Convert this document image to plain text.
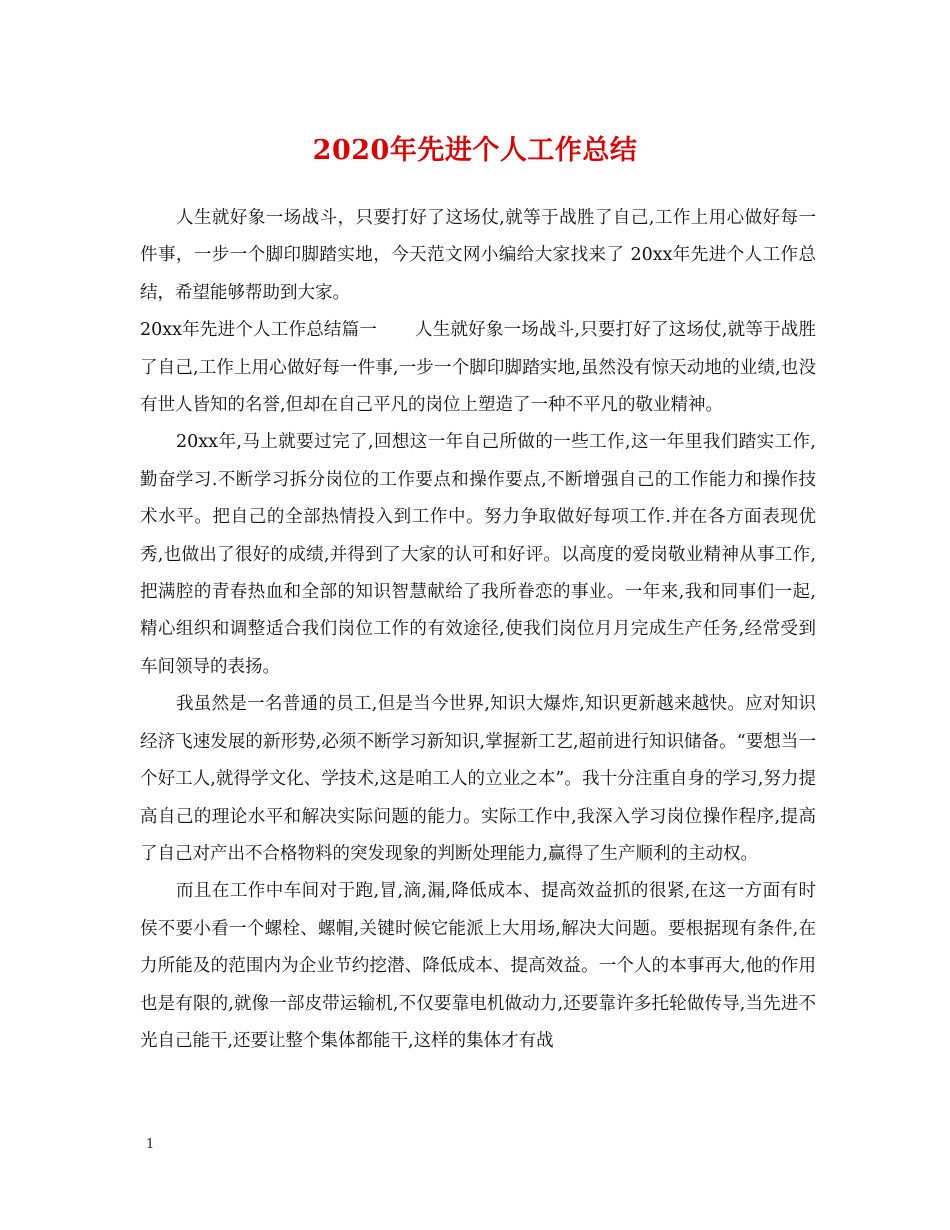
2020年先进个人工作总结

人生就好象一场战斗，只要打好了这场仗,就等于战胜了自己,工作上用心做好每一件事，一步一个脚印脚踏实地，今天范文网小编给大家找来了 20xx年先进个人工作总结，希望能够帮助到大家。

20xx年先进个人工作总结篇一 人生就好象一场战斗,只要打好了这场仗,就等于战胜了自己,工作上用心做好每一件事,一步一个脚印脚踏实地,虽然没有惊天动地的业绩,也没有世人皆知的名誉,但却在自己平凡的岗位上塑造了一种不平凡的敬业精神。

20xx年,马上就要过完了,回想这一年自己所做的一些工作,这一年里我们踏实工作,勤奋学习.不断学习拆分岗位的工作要点和操作要点,不断增强自己的工作能力和操作技术水平。把自己的全部热情投入到工作中。努力争取做好每项工作.并在各方面表现优秀,也做出了很好的成绩,并得到了大家的认可和好评。以高度的爱岗敬业精神从事工作,把满腔的青春热血和全部的知识智慧献给了我所眷恋的事业。一年来,我和同事们一起,精心组织和调整适合我们岗位工作的有效途径,使我们岗位月月完成生产任务,经常受到车间领导的表扬。

我虽然是一名普通的员工,但是当今世界,知识大爆炸,知识更新越来越快。应对知识经济飞速发展的新形势,必须不断学习新知识,掌握新工艺,超前进行知识储备。“要想当一个好工人,就得学文化、学技术,这是咱工人的立业之本”。我十分注重自身的学习,努力提高自己的理论水平和解决实际问题的能力。实际工作中,我深入学习岗位操作程序,提高了自己对产出不合格物料的突发现象的判断处理能力,赢得了生产顺利的主动权。

而且在工作中车间对于跑,冒,滴,漏,降低成本、提高效益抓的很紧,在这一方面有时侯不要小看一个螺栓、螺帽,关键时候它能派上大用场,解决大问题。要根据现有条件,在力所能及的范围内为企业节约挖潜、降低成本、提高效益。一个人的本事再大,他的作用也是有限的,就像一部皮带运输机,不仅要靠电机做动力,还要靠许多托轮做传导,当先进不光自己能干,还要让整个集体都能干,这样的集体才有战

1
